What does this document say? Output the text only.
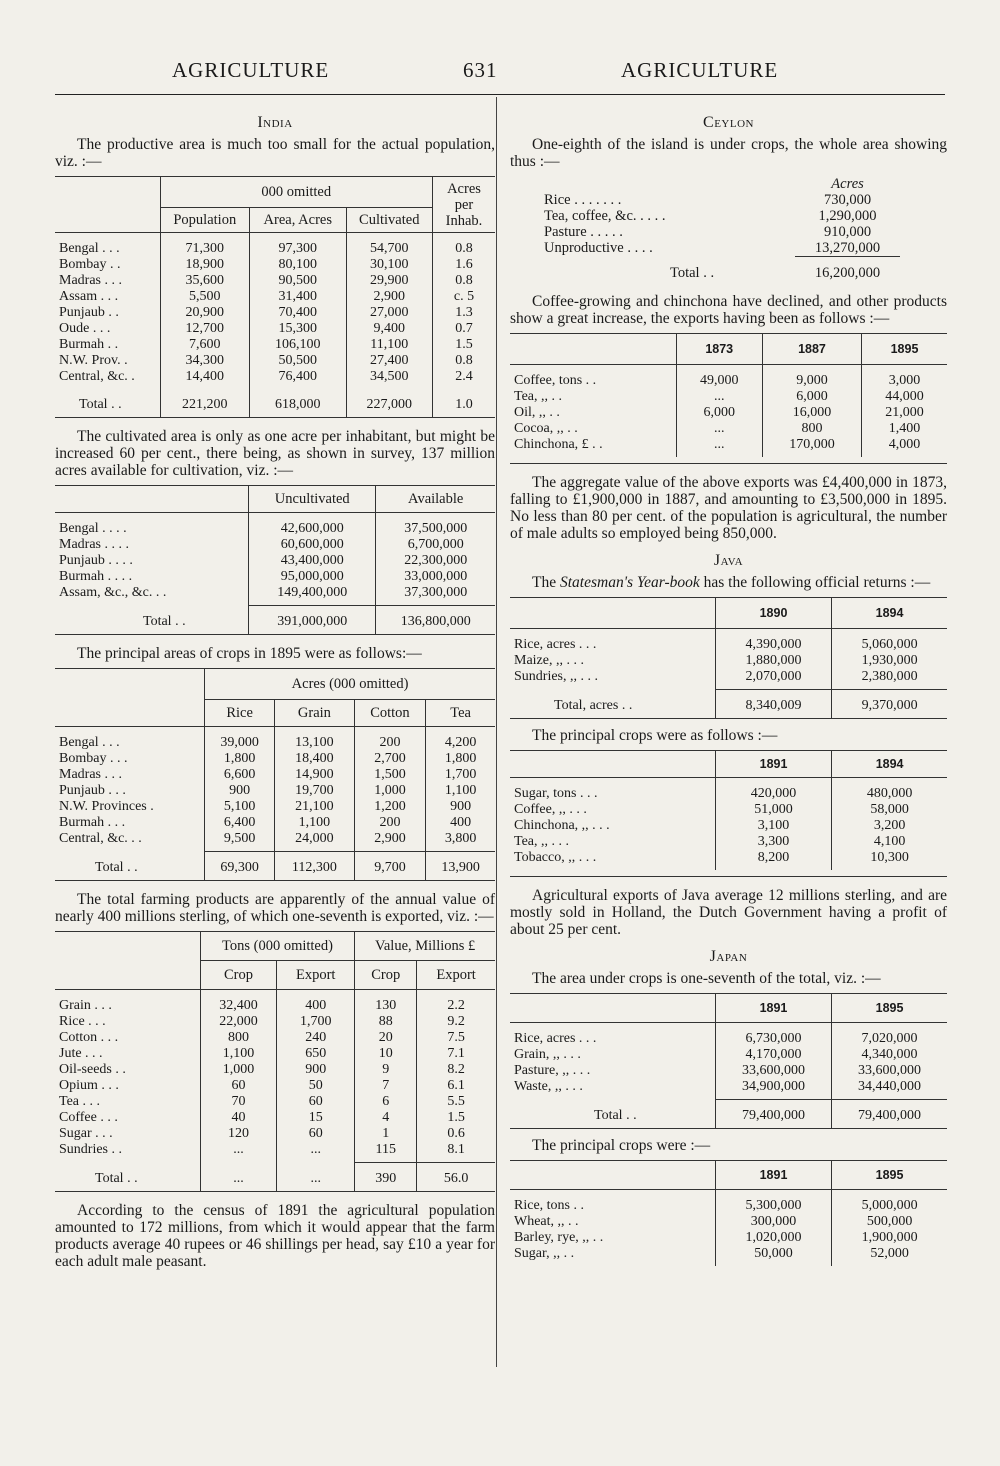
AGRICULTURE	631	AGRICULTURE
India
The productive area is much too small for the actual population, viz. :—
	000 omitted			Acres per Inhab.
	Population	Area, Acres	Cultivated	
Bengal . . .	71,300	97,300	54,700	0.8
Bombay . .	18,900	80,100	30,100	1.6
Madras . . .	35,600	90,500	29,900	0.8
Assam . . .	5,500	31,400	2,900	c. 5
Punjaub . .	20,900	70,400	27,000	1.3
Oude . . .	12,700	15,300	9,400	0.7
Burmah . .	7,600	106,100	11,100	1.5
N.W. Prov. .	34,300	50,500	27,400	0.8
Central, &c. .	14,400	76,400	34,500	2.4
Total . .	221,200	618,000	227,000	1.0
The cultivated area is only as one acre per inhabitant, but might be increased 60 per cent., there being, as shown in survey, 137 million acres available for cultivation, viz. :—
	Uncultivated	Available
Bengal . . . .	42,600,000	37,500,000
Madras . . . .	60,600,000	6,700,000
Punjaub . . . .	43,400,000	22,300,000
Burmah . . . .	95,000,000	33,000,000
Assam, &c., &c. . .	149,400,000	37,300,000
Total . .	391,000,000	136,800,000
The principal areas of crops in 1895 were as follows:—
	Acres (000 omitted)			
	Rice	Grain	Cotton	Tea
Bengal . . .	39,000	13,100	200	4,200
Bombay . . .	1,800	18,400	2,700	1,800
Madras . . .	6,600	14,900	1,500	1,700
Punjaub . . .	900	19,700	1,000	1,100
N.W. Provinces .	5,100	21,100	1,200	900
Burmah . . .	6,400	1,100	200	400
Central, &c. . .	9,500	24,000	2,900	3,800
Total . .	69,300	112,300	9,700	13,900
The total farming products are apparently of the annual value of nearly 400 millions sterling, of which one-seventh is exported, viz. :—
	Tons (000 omitted)		Value, Millions £	
	Crop	Export	Crop	Export
Grain . . .	32,400	400	130	2.2
Rice . . .	22,000	1,700	88	9.2
Cotton . . .	800	240	20	7.5
Jute . . .	1,100	650	10	7.1
Oil-seeds . .	1,000	900	9	8.2
Opium . . .	60	50	7	6.1
Tea . . .	70	60	6	5.5
Coffee . . .	40	15	4	1.5
Sugar . . .	120	60	1	0.6
Sundries . .	...	...	115	8.1
Total . .	...	...	390	56.0
According to the census of 1891 the agricultural population amounted to 172 millions, from which it would appear that the farm products average 40 rupees or 46 shillings per head, say £10 a year for each adult male peasant.
Ceylon
One-eighth of the island is under crops, the whole area showing thus :—
	Acres
Rice . . . . . . .	730,000
Tea, coffee, &c. . . . .	1,290,000
Pasture . . . . .	910,000
Unproductive . . . .	13,270,000
Total . .	16,200,000
Coffee-growing and chinchona have declined, and other products show a great increase, the exports having been as follows :—
	1873	1887	1895
Coffee, tons . .	49,000	9,000	3,000
Tea, ,, . .	...	6,000	44,000
Oil, ,, . .	6,000	16,000	21,000
Cocoa, ,, . .	...	800	1,400
Chinchona, £ . .	...	170,000	4,000
The aggregate value of the above exports was £4,400,000 in 1873, falling to £1,900,000 in 1887, and amounting to £3,500,000 in 1895. No less than 80 per cent. of the population is agricultural, the number of male adults so employed being 850,000.
Java
The Statesman's Year-book has the following official returns :—
	1890	1894
Rice, acres . . .	4,390,000	5,060,000
Maize, ,, . . .	1,880,000	1,930,000
Sundries, ,, . . .	2,070,000	2,380,000
Total, acres . .	8,340,009	9,370,000
The principal crops were as follows :—
	1891	1894
Sugar, tons . . .	420,000	480,000
Coffee, ,, . . .	51,000	58,000
Chinchona, ,, . . .	3,100	3,200
Tea, ,, . . .	3,300	4,100
Tobacco, ,, . . .	8,200	10,300
Agricultural exports of Java average 12 millions sterling, and are mostly sold in Holland, the Dutch Government having a profit of about 25 per cent.
Japan
The area under crops is one-seventh of the total, viz. :—
	1891	1895
Rice, acres . . .	6,730,000	7,020,000
Grain, ,, . . .	4,170,000	4,340,000
Pasture, ,, . . .	33,600,000	33,600,000
Waste, ,, . . .	34,900,000	34,440,000
Total . .	79,400,000	79,400,000
The principal crops were :—
	1891	1895
Rice, tons . .	5,300,000	5,000,000
Wheat, ,, . .	300,000	500,000
Barley, rye, ,, . .	1,020,000	1,900,000
Sugar, ,, . .	50,000	52,000
